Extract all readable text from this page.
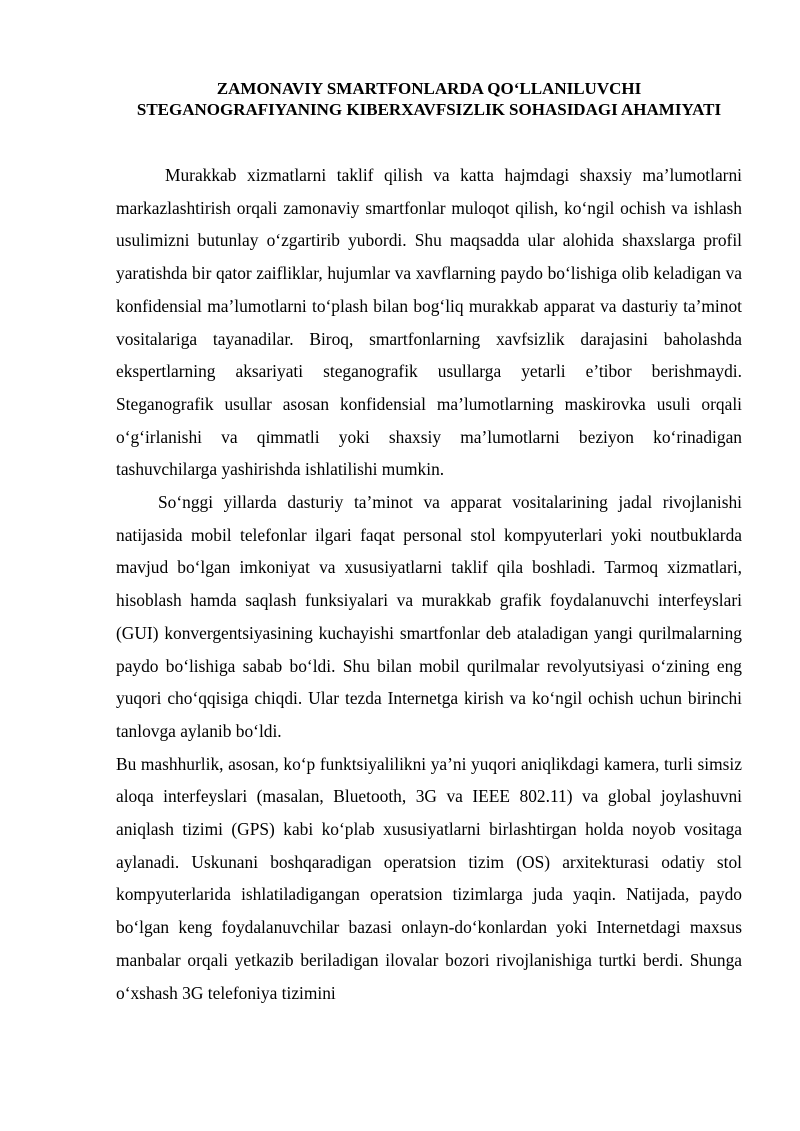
ZAMONAVIY SMARTFONLARDA QO‘LLANILUVCHI STEGANOGRAFIYANING KIBERXAVFSIZLIK SOHASIDAGI AHAMIYATI

Murakkab xizmatlarni taklif qilish va katta hajmdagi shaxsiy ma’lumotlarni markazlashtirish orqali zamonaviy smartfonlar muloqot qilish, ko‘ngil ochish va ishlash usulimizni butunlay o‘zgartirib yubordi. Shu maqsadda ular alohida shaxslarga profil yaratishda bir qator zaifliklar, hujumlar va xavflarning paydo bo‘lishiga olib keladigan va konfidensial ma’lumotlarni to‘plash bilan bog‘liq murakkab apparat va dasturiy ta’minot vositalariga tayanadilar. Biroq, smartfonlarning xavfsizlik darajasini baholashda ekspertlarning aksariyati steganografik usullarga yetarli e’tibor berishmaydi. Steganografik usullar asosan konfidensial ma’lumotlarning maskirovka usuli orqali o‘g‘irlanishi va qimmatli yoki shaxsiy ma’lumotlarni beziyon ko‘rinadigan tashuvchilarga yashirishda ishlatilishi mumkin.

So‘nggi yillarda dasturiy ta’minot va apparat vositalarining jadal rivojlanishi natijasida mobil telefonlar ilgari faqat personal stol kompyuterlari yoki noutbuklarda mavjud bo‘lgan imkoniyat va xususiyatlarni taklif qila boshladi. Tarmoq xizmatlari, hisoblash hamda saqlash funksiyalari va murakkab grafik foydalanuvchi interfeyslari (GUI) konvergentsiyasining kuchayishi smartfonlar deb ataladigan yangi qurilmalarning paydo bo‘lishiga sabab bo‘ldi. Shu bilan mobil qurilmalar revolyutsiyasi o‘zining eng yuqori cho‘qqisiga chiqdi. Ular tezda Internetga kirish va ko‘ngil ochish uchun birinchi tanlovga aylanib bo‘ldi.

Bu mashhurlik, asosan, ko‘p funktsiyalilikni ya’ni yuqori aniqlikdagi kamera, turli simsiz aloqa interfeyslari (masalan, Bluetooth, 3G va IEEE 802.11) va global joylashuvni aniqlash tizimi (GPS) kabi ko‘plab xususiyatlarni birlashtirgan holda noyob vositaga aylanadi. Uskunani boshqaradigan operatsion tizim (OS) arxitekturasi odatiy stol kompyuterlarida ishlatiladigangan operatsion tizimlarga juda yaqin. Natijada, paydo bo‘lgan keng foydalanuvchilar bazasi onlayn-do‘konlardan yoki Internetdagi maxsus manbalar orqali yetkazib beriladigan ilovalar bozori rivojlanishiga turtki berdi. Shunga o‘xshash 3G telefoniya tizimini
